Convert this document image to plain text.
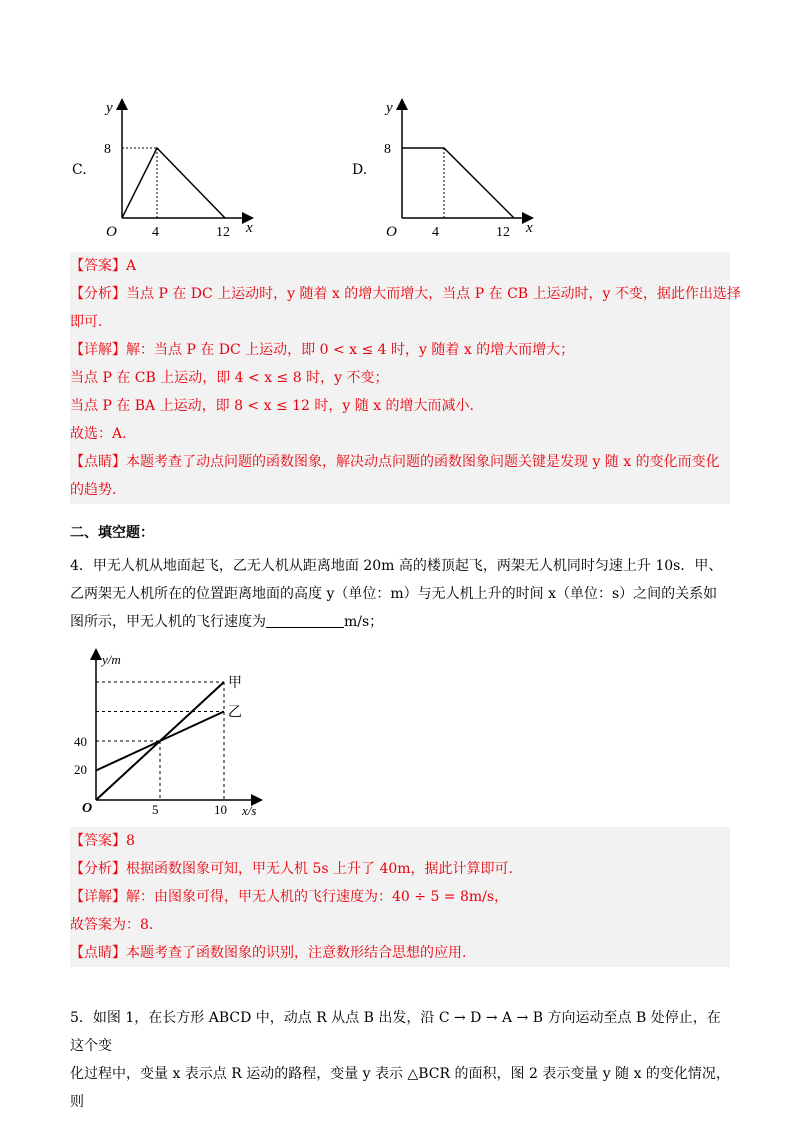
C.
y
x
O
8
4	12
D.
y
x
O
8
4	12
【答案】A
【分析】当点 P 在 DC 上运动时，y 随着 x 的增大而增大，当点 P 在 CB 上运动时，y 不变，据此作出选择
即可.
【详解】解：当点 P 在 DC 上运动，即 0 < x ≤ 4 时，y 随着 x 的增大而增大；
当点 P 在 CB 上运动，即 4 < x ≤ 8 时，y 不变；
当点 P 在 BA 上运动，即 8 < x ≤ 12 时，y 随 x 的增大而减小.
故选：A.
【点睛】本题考查了动点问题的函数图象，解决动点问题的函数图象问题关键是发现 y 随 x 的变化而变化
的趋势.
二、填空题：
4．甲无人机从地面起飞，乙无人机从距离地面 20m 高的楼顶起飞，两架无人机同时匀速上升 10s．甲、
乙两架无人机所在的位置距离地面的高度 y（单位：m）与无人机上升的时间 x（单位：s）之间的关系如
图所示，甲无人机的飞行速度为	m/s；
y/m
x/s
O
40
20
5	10
甲
乙
【答案】8
【分析】根据函数图象可知，甲无人机 5s 上升了 40m，据此计算即可.
【详解】解：由图象可得，甲无人机的飞行速度为：40 ÷ 5 = 8m/s，
故答案为：8.
【点睛】本题考查了函数图象的识别，注意数形结合思想的应用.
5．如图 1，在长方形 ABCD 中，动点 R 从点 B 出发，沿 C → D → A → B 方向运动至点 B 处停止，在这个变
化过程中，变量 x 表示点 R 运动的路程，变量 y 表示 △BCR 的面积，图 2 表示变量 y 随 x 的变化情况，则
